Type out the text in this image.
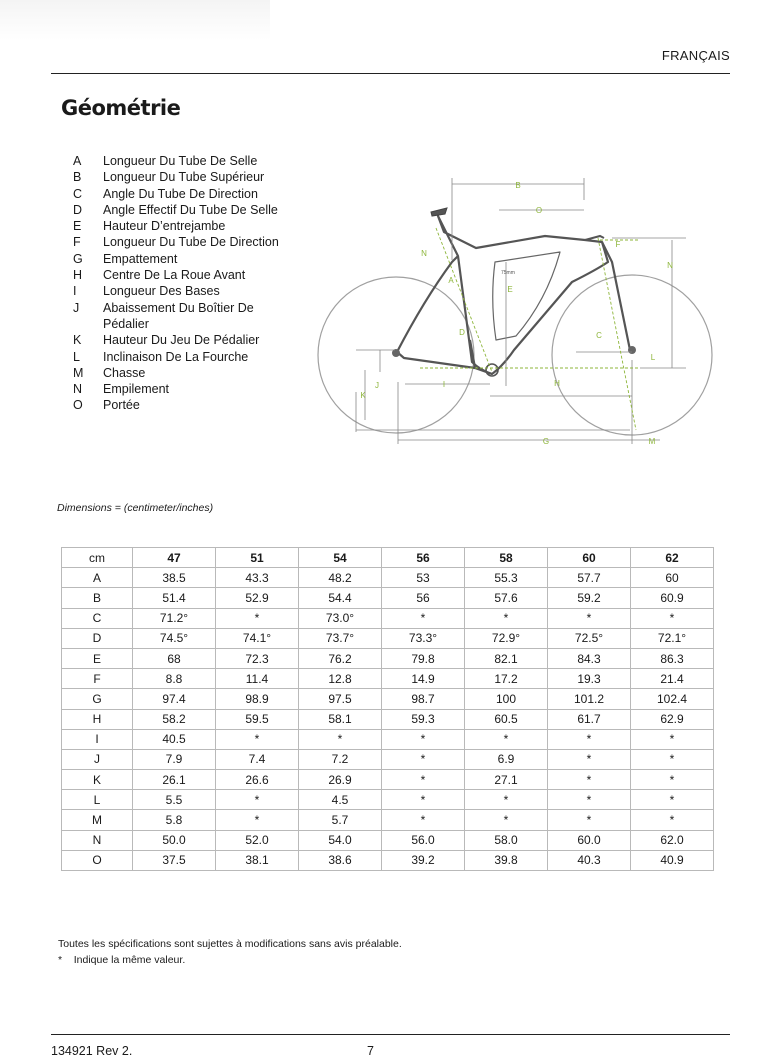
FRANÇAIS
Géométrie
A	Longueur Du Tube De Selle
B	Longueur Du Tube Supérieur
C	Angle Du Tube De Direction
D	Angle Effectif Du Tube De Selle
E	Hauteur D’entrejambe
F	Longueur Du Tube De Direction
G	Empattement
H	Centre De La Roue Avant
I	Longueur Des Bases
J	Abaissement Du Boîtier De Pédalier
K	Hauteur Du Jeu De Pédalier
L	Inclinaison De La Fourche
M	Chasse
N	Empilement
O	Portée
B
O
N
A
E
F
N
C
D
L
I	H
J
K
G	M
75mm
Dimensions = (centimeter/inches)
cm	47	51	54	56	58	60	62
A	38.5	43.3	48.2	53	55.3	57.7	60
B	51.4	52.9	54.4	56	57.6	59.2	60.9
C	71.2°	*	73.0°	*	*	*	*
D	74.5°	74.1°	73.7°	73.3°	72.9°	72.5°	72.1°
E	68	72.3	76.2	79.8	82.1	84.3	86.3
F	8.8	11.4	12.8	14.9	17.2	19.3	21.4
G	97.4	98.9	97.5	98.7	100	101.2	102.4
H	58.2	59.5	58.1	59.3	60.5	61.7	62.9
I	40.5	*	*	*	*	*	*
J	7.9	7.4	7.2	*	6.9	*	*
K	26.1	26.6	26.9	*	27.1	*	*
L	5.5	*	4.5	*	*	*	*
M	5.8	*	5.7	*	*	*	*
N	50.0	52.0	54.0	56.0	58.0	60.0	62.0
O	37.5	38.1	38.6	39.2	39.8	40.3	40.9
Toutes les spécifications sont sujettes à modifications sans avis préalable.
*    Indique la même valeur.
134921 Rev 2.	7
